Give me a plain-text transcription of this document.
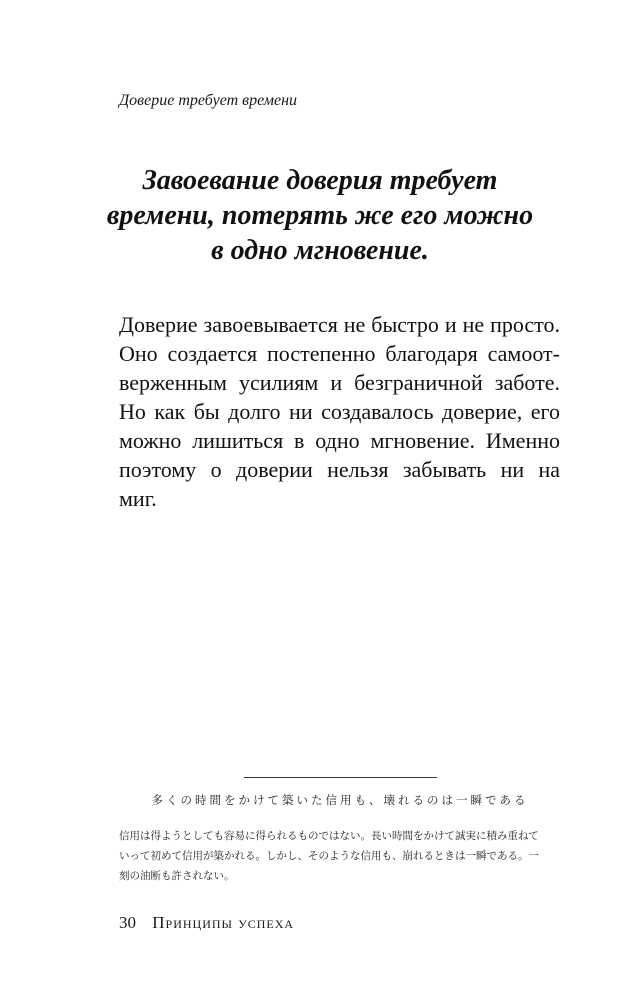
Доверие требует времени
Завоевание доверия требует
времени, потерять же его можно
в одно мгновение.
Доверие завоевывается не быстро и не просто.
Оно создается постепенно благодаря самоот-
верженным усилиям и безграничной заботе.
Но как бы долго ни создавалось доверие, его
можно лишиться в одно мгновение. Именно
поэтому о доверии нельзя забывать ни на
миг.
多くの時間をかけて築いた信用も、壊れるのは一瞬である
信用は得ようとしても容易に得られるものではない。長い時間をかけて誠実に積み重ねて
いって初めて信用が築かれる。しかし、そのような信用も、崩れるときは一瞬である。一
刻の油断も許されない。
30 Принципы успеха
